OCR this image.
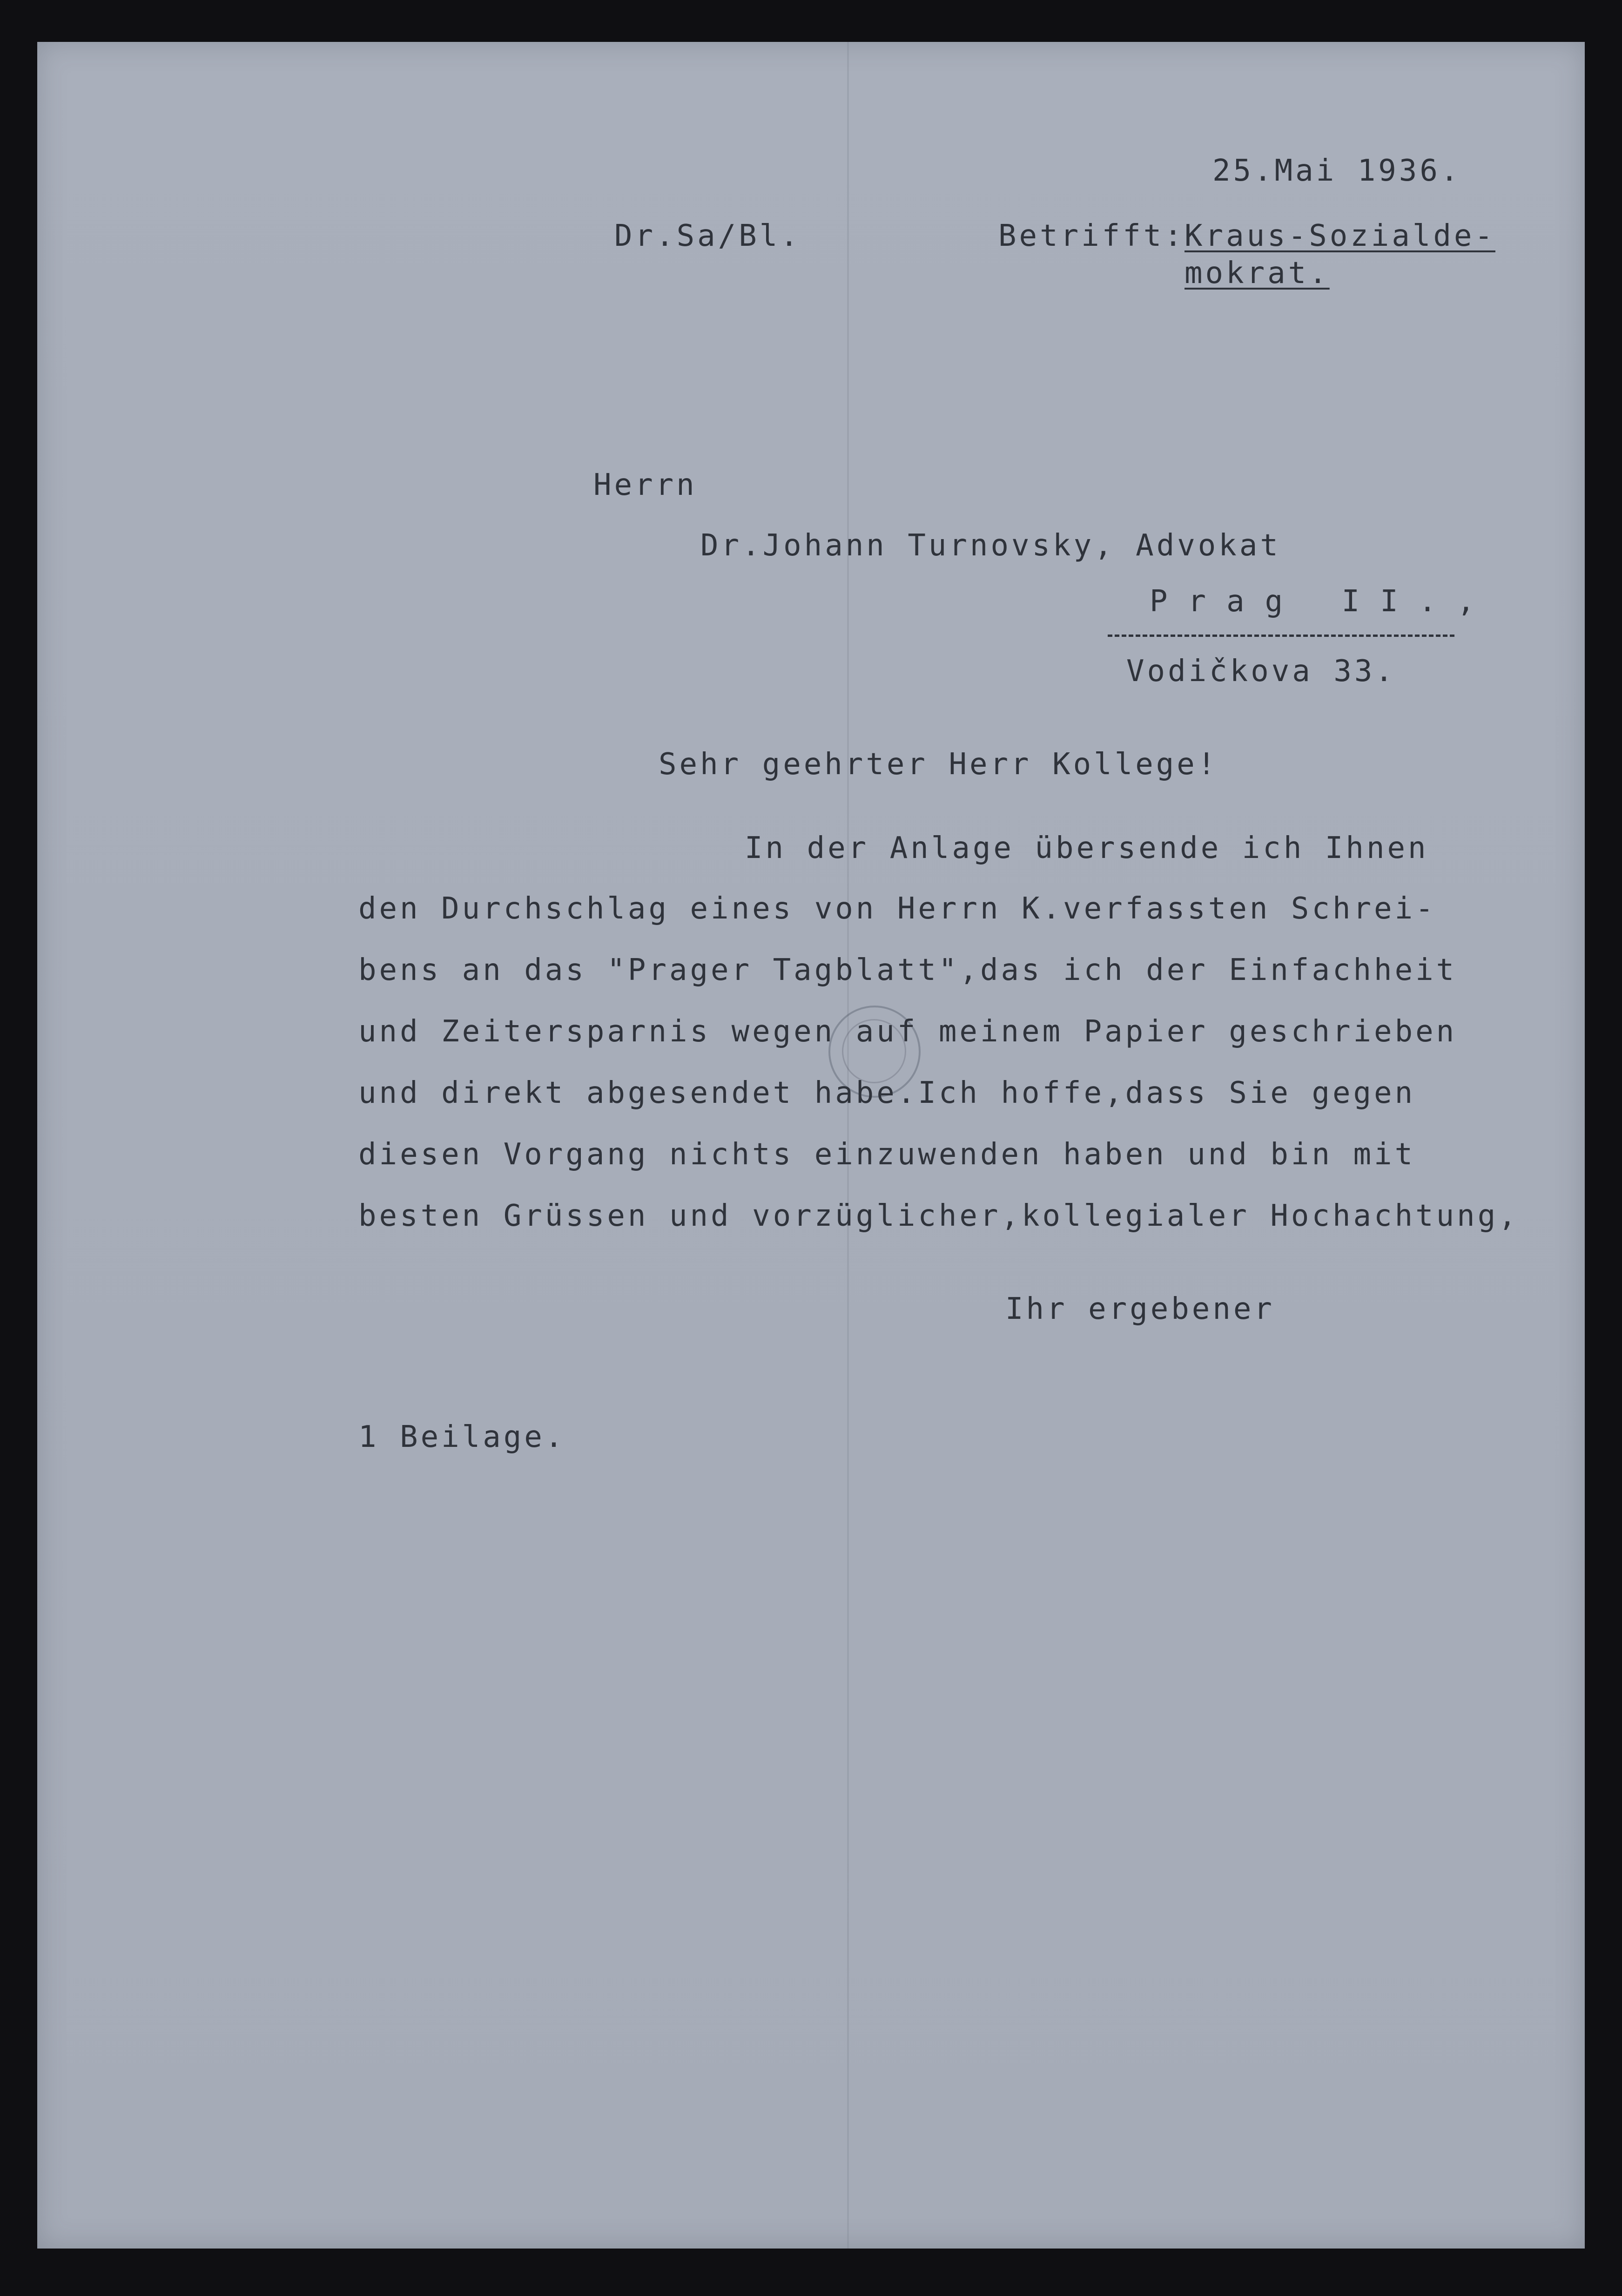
25.Mai 1936.
Dr.Sa/Bl.	Betrifft: Kraus-Sozialde-
mokrat.
Herrn
Dr.Johann Turnovsky, Advokat
Prag II.,
Vodičkova 33.
Sehr geehrter Herr Kollege!
In der Anlage übersende ich Ihnen
den Durchschlag eines von Herrn K.verfassten Schrei-
bens an das "Prager Tagblatt",das ich der Einfachheit
und Zeitersparnis wegen auf meinem Papier geschrieben
und direkt abgesendet habe.Ich hoffe,dass Sie gegen
diesen Vorgang nichts einzuwenden haben und bin mit
besten Grüssen und vorzüglicher,kollegialer Hochachtung,
Ihr ergebener
1 Beilage.
